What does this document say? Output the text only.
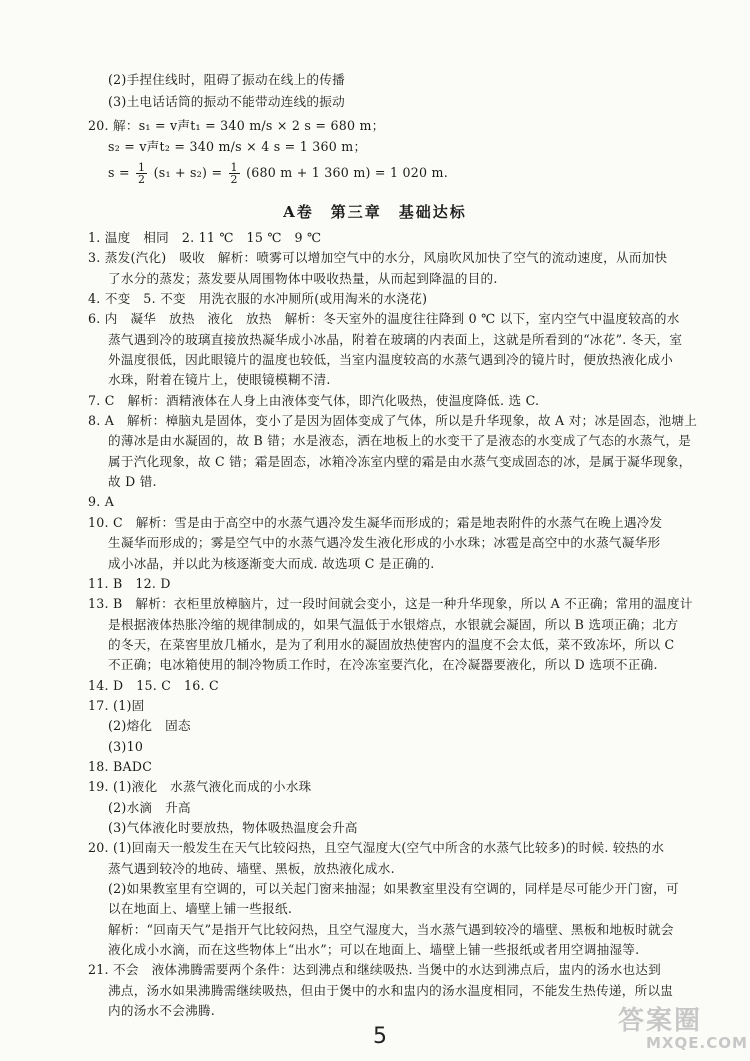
(2)手捏住线时，阻碍了振动在线上的传播
(3)土电话话筒的振动不能带动连线的振动
20. 解：s₁ = v声t₁ = 340 m/s × 2 s = 680 m；
s₂ = v声t₂ = 340 m/s × 4 s = 1 360 m；
$s = \frac{1}{2} (s_1 + s_2) = \frac{1}{2} (680$ m + 1 360 m) = 1 020 m.
A卷　第三章　基础达标
1. 温度　相同　2. 11 ℃　15 ℃　9 ℃
3. 蒸发(汽化)　吸收　解析：喷雾可以增加空气中的水分，风扇吹风加快了空气的流动速度，从而加快
了水分的蒸发；蒸发要从周围物体中吸收热量，从而起到降温的目的.
4. 不变　5. 不变　用洗衣服的水冲厕所(或用淘米的水浇花)
6. 内　凝华　放热　液化　放热　解析：冬天室外的温度往往降到 0 ℃ 以下，室内空气中温度较高的水
蒸气遇到冷的玻璃直接放热凝华成小冰晶，附着在玻璃的内表面上，这就是所看到的“冰花”. 冬天，室
外温度很低，因此眼镜片的温度也较低，当室内温度较高的水蒸气遇到冷的镜片时，便放热液化成小
水珠，附着在镜片上，使眼镜模糊不清.
7. C　解析：酒精液体在人身上由液体变气体，即汽化吸热，使温度降低. 选 C.
8. A　解析：樟脑丸是固体，变小了是因为固体变成了气体，所以是升华现象，故 A 对；冰是固态，池塘上
的薄冰是由水凝固的，故 B 错；水是液态，洒在地板上的水变干了是液态的水变成了气态的水蒸气，是
属于汽化现象，故 C 错；霜是固态，冰箱冷冻室内壁的霜是由水蒸气变成固态的冰，是属于凝华现象，
故 D 错.
9. A
10. C　解析：雪是由于高空中的水蒸气遇冷发生凝华而形成的；霜是地表附件的水蒸气在晚上遇冷发
生凝华而形成的；雾是空气中的水蒸气遇冷发生液化形成的小水珠；冰雹是高空中的水蒸气凝华形
成小冰晶，并以此为核逐渐变大而成. 故选项 C 是正确的.
11. B　12. D
13. B　解析：衣柜里放樟脑片，过一段时间就会变小，这是一种升华现象，所以 A 不正确；常用的温度计
是根据液体热胀冷缩的规律制成的，如果气温低于水银熔点，水银就会凝固，所以 B 选项正确；北方
的冬天，在菜窖里放几桶水，是为了利用水的凝固放热使窖内的温度不会太低，菜不致冻坏，所以 C
不正确；电冰箱使用的制冷物质工作时，在冷冻室要汽化，在冷凝器要液化，所以 D 选项不正确.
14. D　15. C　16. C
17. (1)固
(2)熔化　固态
(3)10
18. BADC
19. (1)液化　水蒸气液化而成的小水珠
(2)水滴　升高
(3)气体液化时要放热，物体吸热温度会升高
20. (1)回南天一般发生在天气比较闷热，且空气湿度大(空气中所含的水蒸气比较多)的时候. 较热的水
蒸气遇到较冷的地砖、墙壁、黑板，放热液化成水.
(2)如果教室里有空调的，可以关起门窗来抽湿；如果教室里没有空调的，同样是尽可能少开门窗，可
以在地面上、墙壁上铺一些报纸.
解析：“回南天气”是指开气比较闷热，且空气湿度大，当水蒸气遇到较冷的墙壁、黑板和地板时就会
液化成小水滴，而在这些物体上“出水”；可以在地面上、墙壁上铺一些报纸或者用空调抽湿等.
21. 不会　液体沸腾需要两个条件：达到沸点和继续吸热. 当煲中的水达到沸点后，盅内的汤水也达到
沸点，汤水如果沸腾需继续吸热，但由于煲中的水和盅内的汤水温度相同，不能发生热传递，所以盅
内的汤水不会沸腾.
5
答案圈
MXQE.COM
